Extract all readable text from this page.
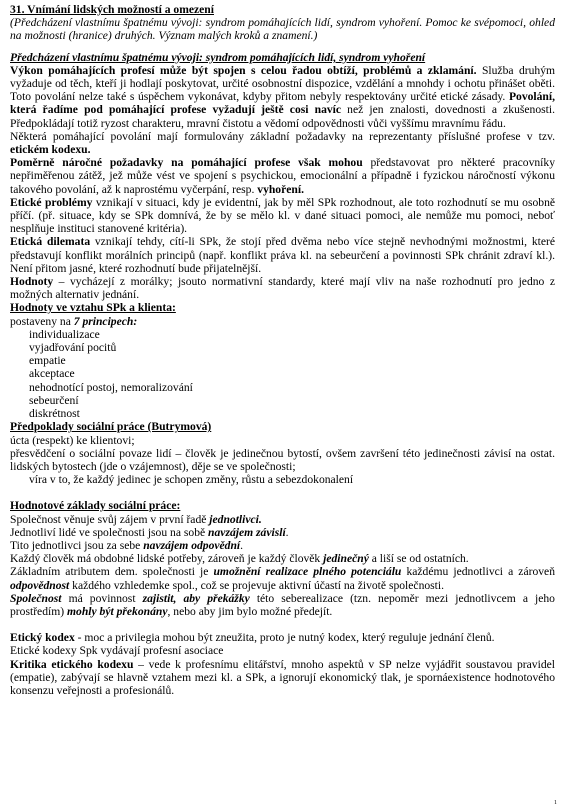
31. Vnímání lidských možností a omezení

(Předcházení vlastnímu špatnému vývoji: syndrom pomáhajících lidí, syndrom vyhoření. Pomoc ke svépomoci, ohled na možnosti (hranice) druhých. Význam malých kroků a znamení.)

Předcházení vlastnímu špatnému vývoji: syndrom pomáhajících lidí, syndrom vyhoření

Výkon pomáhajících profesí může být spojen s celou řadou obtíží, problémů a zklamání. Služba druhým vyžaduje od těch, kteří ji hodlají poskytovat, určité osobnostní dispozice, vzdělání a mnohdy i ochotu přinášet oběti. Toto povolání nelze také s úspěchem vykonávat, kdyby přitom nebyly respektovány určité etické zásady. Povolání, která řadíme pod pomáhající profese vyžadují ještě cosi navíc než jen znalosti, dovednosti a zkušenosti. Předpokládají totiž ryzost charakteru, mravní čistotu a vědomí odpovědnosti vůči vyššímu mravnímu řádu.

Některá pomáhající povolání mají formulovány základní požadavky na reprezentanty příslušné profese v tzv. etickém kodexu.

Poměrně náročné požadavky na pomáhající profese však mohou představovat pro některé pracovníky nepřiměřenou zátěž, jež může vést ve spojení s psychickou, emocionální a případně i fyzickou náročností výkonu takového povolání, až k naprostému vyčerpání, resp. vyhoření.

Etické problémy vznikají v situaci, kdy je evidentní, jak by měl SPk rozhodnout, ale toto rozhodnutí se mu osobně příčí. (př. situace, kdy se SPk domnívá, že by se mělo kl. v dané situaci pomoci, ale nemůže mu pomoci, neboť nesplňuje instituci stanovené kritéria).

Etická dilemata vznikají tehdy, cítí-li SPk, že stojí před dvěma nebo více stejně nevhodnými možnostmi, které představují konflikt morálních principů (např. konflikt práva kl. na sebeurčení a povinnosti SPk chránit zdraví kl.). Není přitom jasné, které rozhodnutí bude přijatelnější.

Hodnoty – vycházejí z morálky; jsouto normativní standardy, které mají vliv na naše rozhodnutí pro jedno z možných alternativ jednání.

Hodnoty ve vztahu SPk a klienta:

postaveny na 7 principech:

individualizace
vyjadřování pocitů
empatie
akceptace
nehodnotící postoj, nemoralizování
sebeurčení
diskrétnost

Předpoklady sociální práce (Butrymová)

úcta (respekt) ke klientovi;

přesvědčení o sociální povaze lidí – člověk je jedinečnou bytostí, ovšem završení této jedinečnosti závisí na ostat. lidských bytostech (jde o vzájemnost), děje se ve společnosti;

víra v to, že každý jedinec je schopen změny, růstu a sebezdokonalení

Hodnotové základy sociální práce:

Společnost věnuje svůj zájem v první řadě jednotlivci.

Jednotliví lidé ve společnosti jsou na sobě navzájem závislí.

Tito jednotlivci jsou za sebe navzájem odpovědní.

Každý člověk má obdobné lidské potřeby, zároveň je každý člověk jedinečný a liší se od ostatních.

Základním atributem dem. společnosti je umožnění realizace plného potenciálu každému jednotlivci a zároveň odpovědnost každého vzhledemke spol., což se projevuje aktivní účastí na životě společnosti.

Společnost má povinnost zajistit, aby překážky této seberealizace (tzn. nepoměr mezi jednotlivcem a jeho prostředím) mohly být překonány, nebo aby jim bylo možné předejít.

Etický kodex - moc a privilegia mohou být zneužita, proto je nutný kodex, který reguluje jednání členů.

Etické kodexy Spk vydávají profesní asociace

Kritika etického kodexu – vede k profesnímu elitářství, mnoho aspektů v SP nelze vyjádřit soustavou pravidel (empatie), zabývají se hlavně vztahem mezi kl. a SPk, a ignorují ekonomický tlak, je spornáexistence hodnotového konsenzu veřejnosti a profesionálů.

1
